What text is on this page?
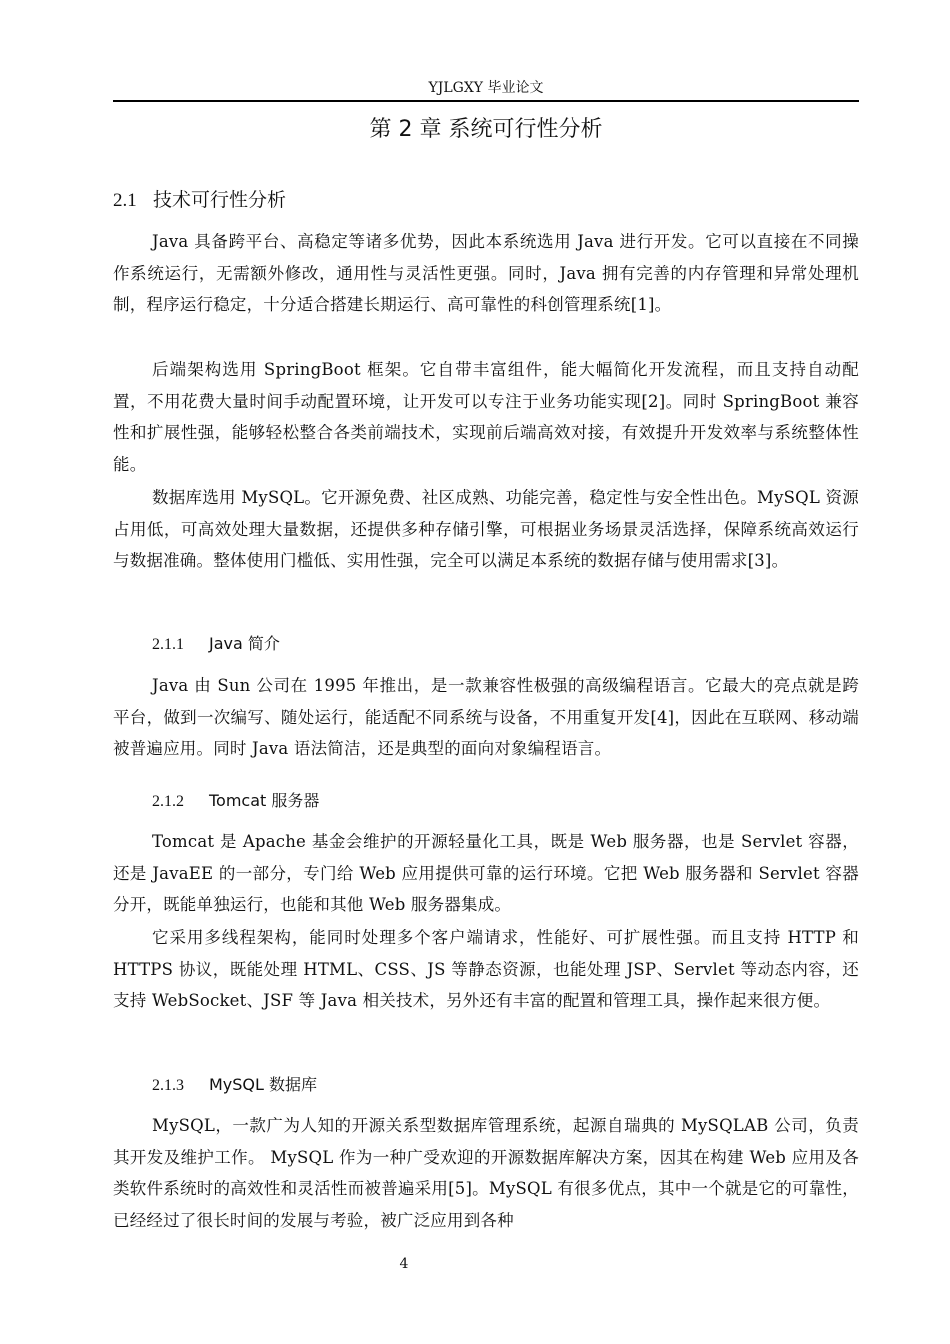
YJLGXY 毕业论文
第 2 章 系统可行性分析
2.1 技术可行性分析

Java 具备跨平台、高稳定等诸多优势，因此本系统选用 Java 进行开发。它可以直接在不同操作系统运行，无需额外修改，通用性与灵活性更强。同时，Java 拥有完善的内存管理和异常处理机制，程序运行稳定，十分适合搭建长期运行、高可靠性的科创管理系统[1]。

后端架构选用 SpringBoot 框架。它自带丰富组件，能大幅简化开发流程，而且支持自动配置，不用花费大量时间手动配置环境，让开发可以专注于业务功能实现[2]。同时 SpringBoot 兼容性和扩展性强，能够轻松整合各类前端技术，实现前后端高效对接，有效提升开发效率与系统整体性能。

数据库选用 MySQL。它开源免费、社区成熟、功能完善，稳定性与安全性出色。MySQL 资源占用低，可高效处理大量数据，还提供多种存储引擎，可根据业务场景灵活选择，保障系统高效运行与数据准确。整体使用门槛低、实用性强，完全可以满足本系统的数据存储与使用需求[3]。

2.1.1 Java 简介

Java 由 Sun 公司在 1995 年推出，是一款兼容性极强的高级编程语言。它最大的亮点就是跨平台，做到一次编写、随处运行，能适配不同系统与设备，不用重复开发[4]，因此在互联网、移动端被普遍应用。同时 Java 语法简洁，还是典型的面向对象编程语言。

2.1.2 Tomcat 服务器

Tomcat 是 Apache 基金会维护的开源轻量化工具，既是 Web 服务器，也是 Servlet 容器，还是 JavaEE 的一部分，专门给 Web 应用提供可靠的运行环境。它把 Web 服务器和 Servlet 容器分开，既能单独运行，也能和其他 Web 服务器集成。

它采用多线程架构，能同时处理多个客户端请求，性能好、可扩展性强。而且支持 HTTP 和 HTTPS 协议，既能处理 HTML、CSS、JS 等静态资源，也能处理 JSP、Servlet 等动态内容，还支持 WebSocket、JSF 等 Java 相关技术，另外还有丰富的配置和管理工具，操作起来很方便。

2.1.3 MySQL 数据库

MySQL，一款广为人知的开源关系型数据库管理系统，起源自瑞典的 MySQLAB 公司，负责其开发及维护工作。 MySQL 作为一种广受欢迎的开源数据库解决方案，因其在构建 Web 应用及各类软件系统时的高效性和灵活性而被普遍采用[5]。MySQL 有很多优点，其中一个就是它的可靠性，已经经过了很长时间的发展与考验，被广泛应用到各种

4
